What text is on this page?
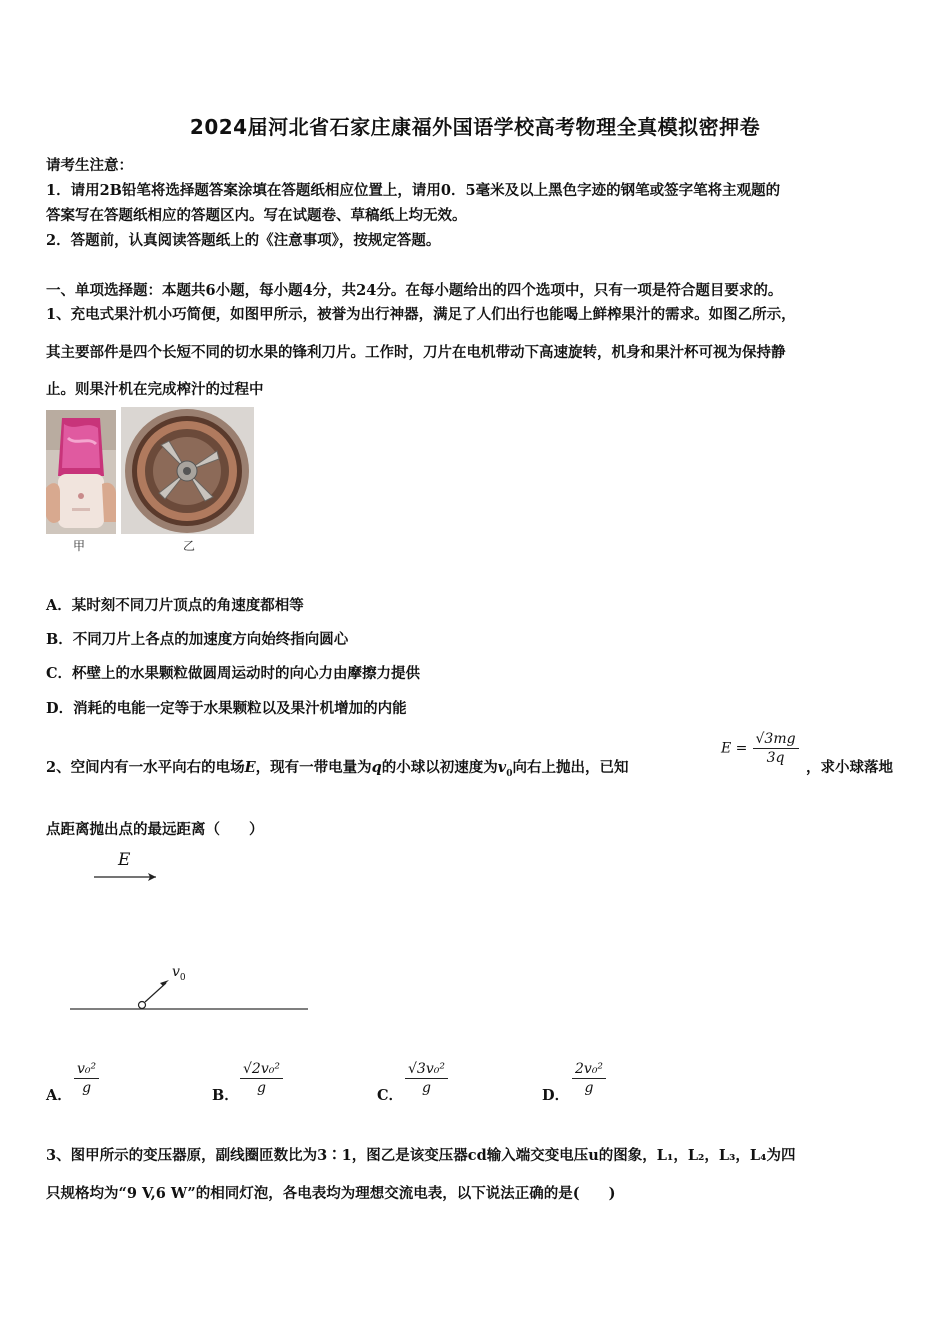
2024届河北省石家庄康福外国语学校高考物理全真模拟密押卷
请考生注意：
1．请用2B铅笔将选择题答案涂填在答题纸相应位置上，请用0．5毫米及以上黑色字迹的钢笔或签字笔将主观题的
答案写在答题纸相应的答题区内。写在试题卷、草稿纸上均无效。
2．答题前，认真阅读答题纸上的《注意事项》，按规定答题。
一、单项选择题：本题共6小题，每小题4分，共24分。在每小题给出的四个选项中，只有一项是符合题目要求的。
1、充电式果汁机小巧简便，如图甲所示，被誉为出行神器，满足了人们出行也能喝上鲜榨果汁的需求。如图乙所示，
其主要部件是四个长短不同的切水果的锋利刀片。工作时，刀片在电机带动下高速旋转，机身和果汁杯可视为保持静
止。则果汁机在完成榨汁的过程中
甲	乙
A．某时刻不同刀片顶点的角速度都相等
B．不同刀片上各点的加速度方向始终指向圆心
C．杯壁上的水果颗粒做圆周运动时的向心力由摩擦力提供
D．消耗的电能一定等于水果颗粒以及果汁机增加的内能
2、空间内有一水平向右的电场E，现有一带电量为q的小球以初速度为$v_0$向右上抛出，已知
$E = \frac{√3mg}{3q}$
，求小球落地
点距离抛出点的最远距离（　　）
E
$v_0$
A． $\frac{\text{v₀²}}{g}$	B． $\frac{\text{√2v₀²}}{g}$	C． $\frac{\text{√3v₀²}}{g}$	D． $\frac{\text{2v₀²}}{g}$
3、图甲所示的变压器原，副线圈匝数比为3∶1，图乙是该变压器cd输入端交变电压u的图象，L₁，L₂，L₃，L₄为四
只规格均为“9 V,6 W”的相同灯泡，各电表均为理想交流电表，以下说法正确的是(　　)
